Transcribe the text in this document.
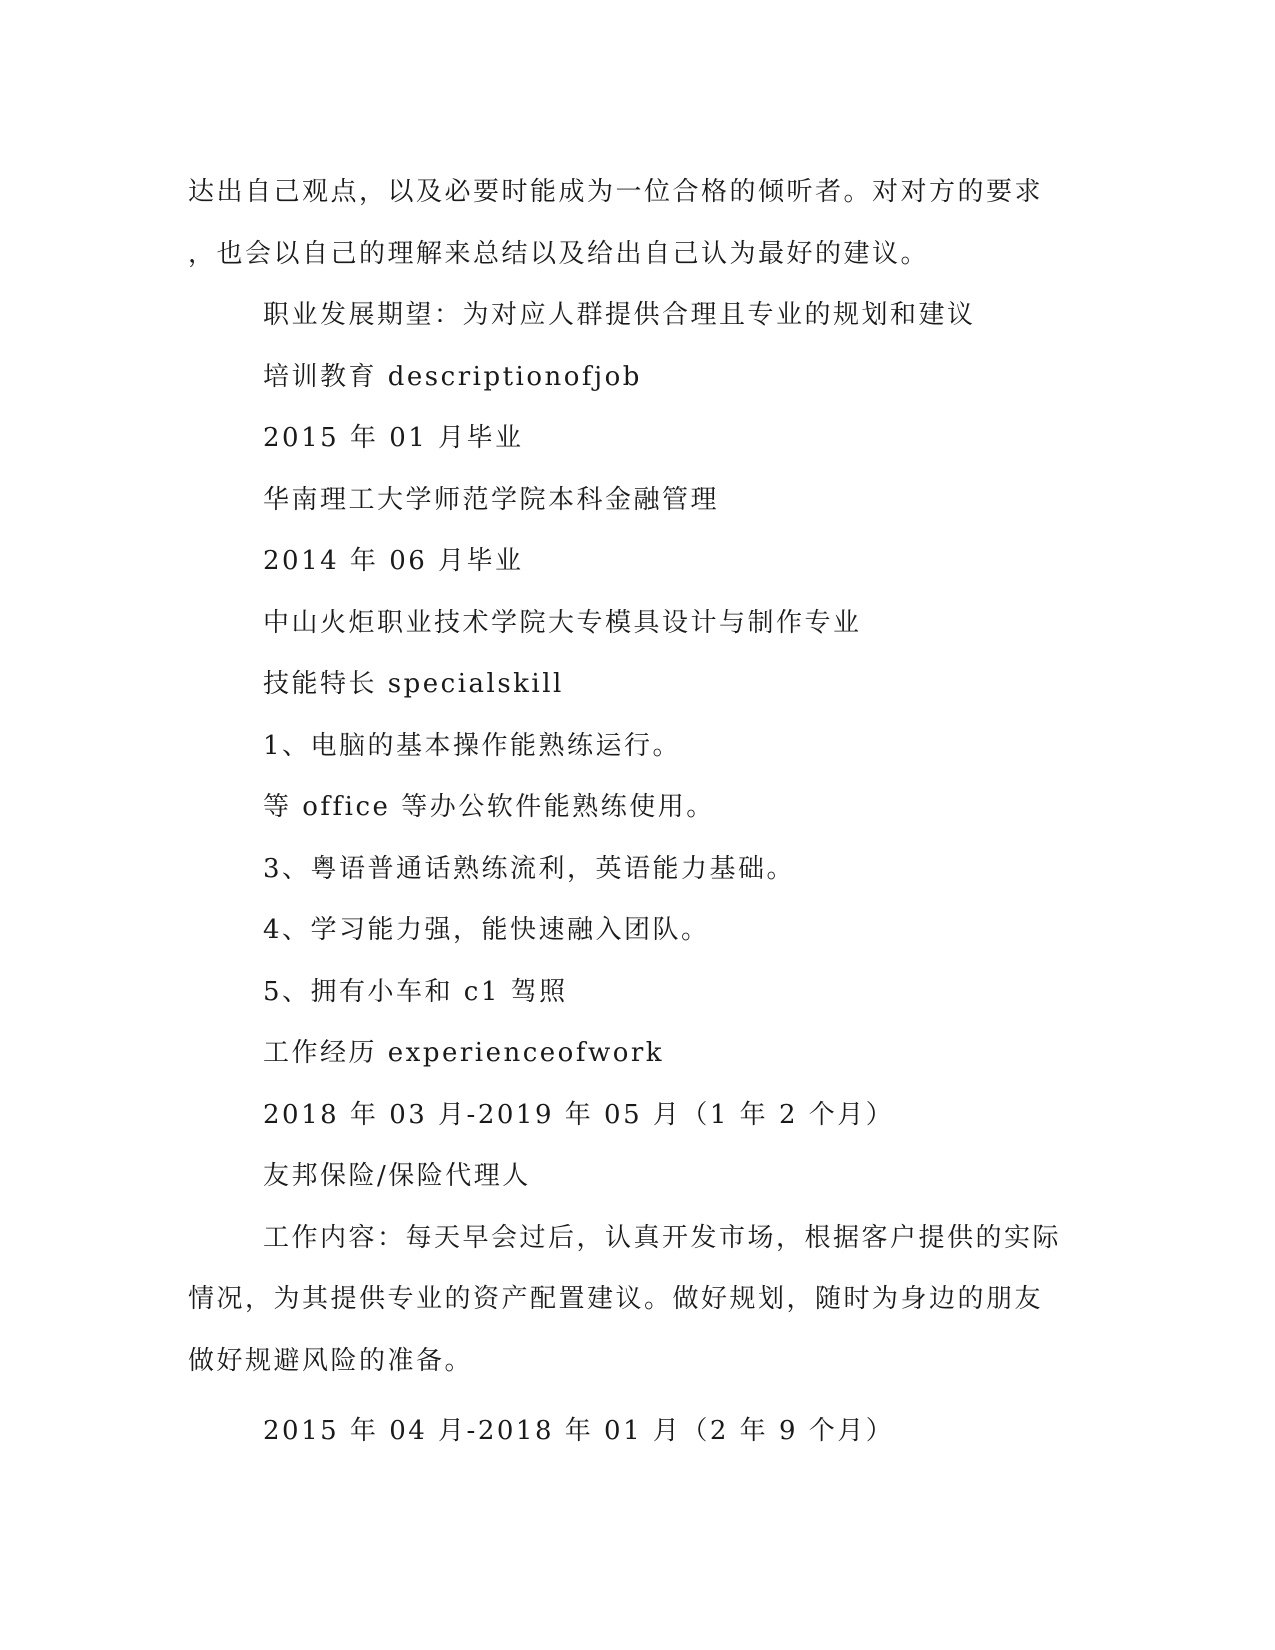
达出自己观点，以及必要时能成为一位合格的倾听者。对对方的要求
，也会以自己的理解来总结以及给出自己认为最好的建议。
职业发展期望：为对应人群提供合理且专业的规划和建议
培训教育 descriptionofjob
2015 年 01 月毕业
华南理工大学师范学院本科金融管理
2014 年 06 月毕业
中山火炬职业技术学院大专模具设计与制作专业
技能特长 specialskill
1、电脑的基本操作能熟练运行。
等 office 等办公软件能熟练使用。
3、粤语普通话熟练流利，英语能力基础。
4、学习能力强，能快速融入团队。
5、拥有小车和 c1 驾照
工作经历 experienceofwork
2018 年 03 月-2019 年 05 月（1 年 2 个月）
友邦保险/保险代理人
工作内容：每天早会过后，认真开发市场，根据客户提供的实际
情况，为其提供专业的资产配置建议。做好规划，随时为身边的朋友
做好规避风险的准备。
2015 年 04 月-2018 年 01 月（2 年 9 个月）
